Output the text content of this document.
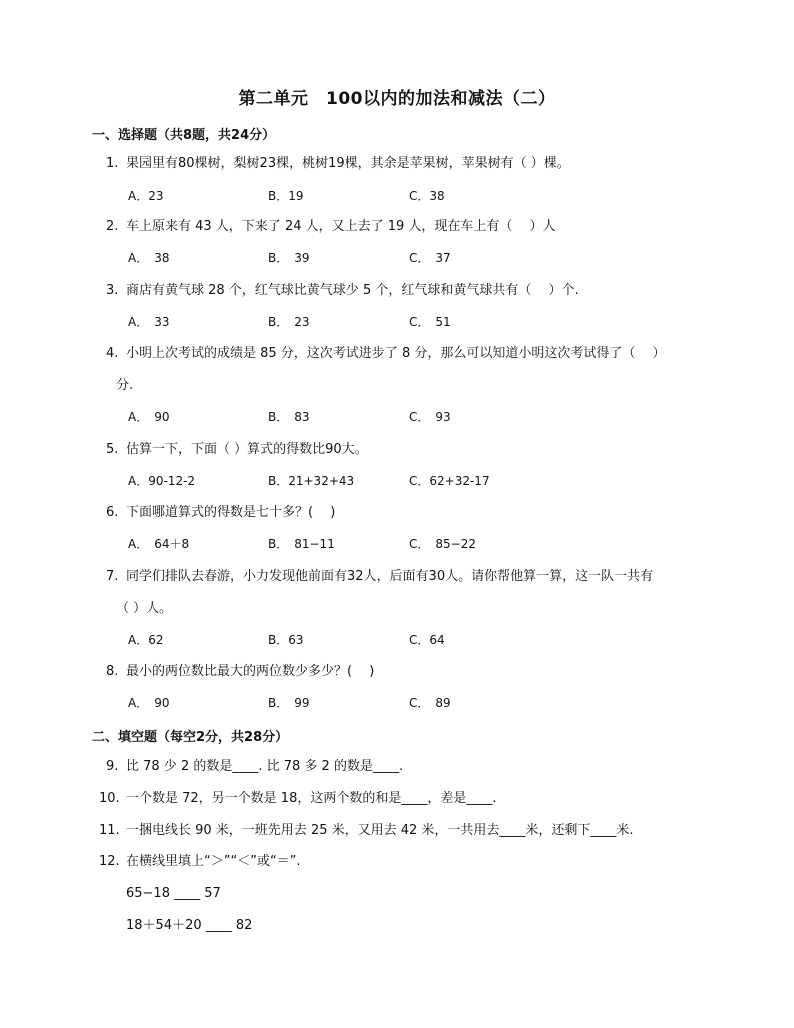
第二单元　100以内的加法和减法（二）
一、选择题（共8题，共24分）
1. 果园里有80棵树，梨树23棵，桃树19棵，其余是苹果树，苹果树有（ ）棵。
A．23	B．19	C．38
2. 车上原来有 43 人，下来了 24 人，又上去了 19 人，现在车上有（　 ）人
A．　38	B．　39	C．　37
3. 商店有黄气球 28 个，红气球比黄气球少 5 个，红气球和黄气球共有（　 ）个.
A．　33	B．　23	C．　51
4. 小明上次考试的成绩是 85 分，这次考试进步了 8 分，那么可以知道小明这次考试得了（　 ）
分.
A．　90	B．　83	C．　93
5. 估算一下，下面（ ）算式的得数比90大。
A．90-12-2	B．21+32+43	C．62+32-17
6. 下面哪道算式的得数是七十多？(　 )
A．　64＋8	B．　81−11	C．　85−22
7. 同学们排队去春游，小力发现他前面有32人，后面有30人。请你帮他算一算，这一队一共有
（ ）人。
A．62	B．63	C．64
8. 最小的两位数比最大的两位数少多少？(　 )
A．　90	B．　99	C．　89
二、填空题（每空2分，共28分）
9. 比 78 少 2 的数是____. 比 78 多 2 的数是____.
10. 一个数是 72，另一个数是 18，这两个数的和是____，差是____.
11. 一捆电线长 90 米，一班先用去 25 米，又用去 42 米，一共用去____米，还剩下____米.
12. 在横线里填上“＞”“＜”或“＝”.
65−18 ____ 57
18＋54＋20 ____ 82
